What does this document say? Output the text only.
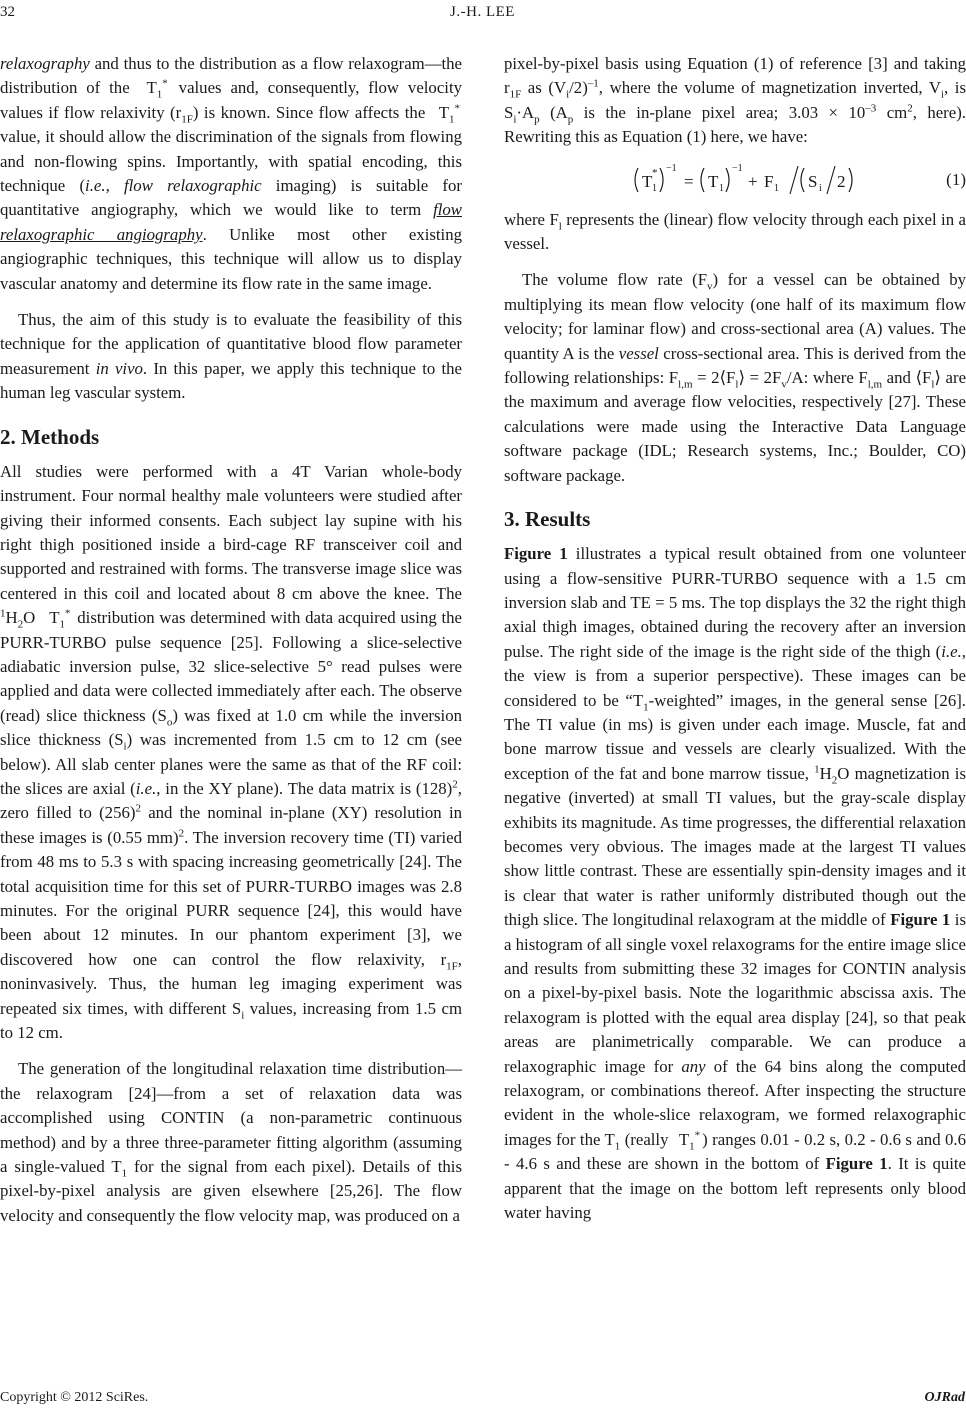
32	J.-H. LEE

relaxography and thus to the distribution as a flow relaxogram—the distribution of the $T_1^*$ values and, consequently, flow velocity values if flow relaxivity $(r_{1F})$ is known. Since flow affects the $T_1^*$ value, it should allow the discrimination of the signals from flowing and non-flowing spins. Importantly, with spatial encoding, this technique (i.e., flow relaxographic imaging) is suitable for quantitative angiography, which we would like to term flow relaxographic angiography. Unlike most other existing angiographic techniques, this technique will allow us to display vascular anatomy and determine its flow rate in the same image.

Thus, the aim of this study is to evaluate the feasibility of this technique for the application of quantitative blood flow parameter measurement in vivo. In this paper, we apply this technique to the human leg vascular system.

2. Methods

All studies were performed with a 4T Varian whole-body instrument. Four normal healthy male volunteers were studied after giving their informed consents. Each subject lay supine with his right thigh positioned inside a bird-cage RF transceiver coil and supported and restrained with forms. The transverse image slice was centered in this coil and located about 8 cm above the knee. The $^1H_2O$ $T_1^*$ distribution was determined with data acquired using the PURR-TURBO pulse sequence [25]. Following a slice-selective adiabatic inversion pulse, 32 slice-selective 5° read pulses were applied and data were collected immediately after each. The observe (read) slice thickness $(S_o)$ was fixed at 1.0 cm while the inversion slice thickness $(S_i)$ was incremented from 1.5 cm to 12 cm (see below). All slab center planes were the same as that of the RF coil: the slices are axial (i.e., in the XY plane). The data matrix is $(128)^2$, zero filled to $(256)^2$ and the nominal in-plane (XY) resolution in these images is (0.55 mm)$^2$. The inversion recovery time (TI) varied from 48 ms to 5.3 s with spacing increasing geometrically [24]. The total acquisition time for this set of PURR-TURBO images was 2.8 minutes. For the original PURR sequence [24], this would have been about 12 minutes. In our phantom experiment [3], we discovered how one can control the flow relaxivity, $r_{1F}$, noninvasively. Thus, the human leg imaging experiment was repeated six times, with different $S_i$ values, increasing from 1.5 cm to 12 cm.

The generation of the longitudinal relaxation time distribution—the relaxogram [24]—from a set of relaxation data was accomplished using CONTIN (a non-parametric continuous method) and by a three three-parameter fitting algorithm (assuming a single-valued $T_1$ for the signal from each pixel). Details of this pixel-by-pixel analysis are given elsewhere [25,26]. The flow velocity and consequently the flow velocity map, was produced on a

pixel-by-pixel basis using Equation (1) of reference [3] and taking $r_{1F}$ as $(V_i/2)^{-1}$, where the volume of magnetization inverted, $V_i$, is $S_i\cdot A_p$ ($A_p$ is the in-plane pixel area; $3.03 \times 10^{-3}$ $cm^2$, here). Rewriting this as Equation (1) here, we have:

T 1
* −1
= T 1
−1
+ F 1 S i 2	(1)

where $F_l$ represents the (linear) flow velocity through each pixel in a vessel.

The volume flow rate $(F_v)$ for a vessel can be obtained by multiplying its mean flow velocity (one half of its maximum flow velocity; for laminar flow) and cross-sectional area (A) values. The quantity A is the vessel cross-sectional area. This is derived from the following relationships: $F_{l,m}$ = $2⟨F_l⟩ = 2F_v/A$: where $F_{l,m}$ and $⟨F_l⟩$ are the maximum and average flow velocities, respectively [27]. These calculations were made using the Interactive Data Language software package (IDL; Research systems, Inc.; Boulder, CO) software package.

3. Results

Figure 1 illustrates a typical result obtained from one volunteer using a flow-sensitive PURR-TURBO sequence with a 1.5 cm inversion slab and TE = 5 ms. The top displays the 32 the right thigh axial thigh images, obtained during the recovery after an inversion pulse. The right side of the image is the right side of the thigh (i.e., the view is from a superior perspective). These images can be considered to be “$T_1$-weighted” images, in the general sense [26]. The TI value (in ms) is given under each image. Muscle, fat and bone marrow tissue and vessels are clearly visualized. With the exception of the fat and bone marrow tissue, $^1H_2O$ magnetization is negative (inverted) at small TI values, but the gray-scale display exhibits its magnitude. As time progresses, the differential relaxation becomes very obvious. The images made at the largest TI values show little contrast. These are essentially spin-density images and it is clear that water is rather uniformly distributed though out the thigh slice. The longitudinal relaxogram at the middle of Figure 1 is a histogram of all single voxel relaxograms for the entire image slice and results from submitting these 32 images for CONTIN analysis on a pixel-by-pixel basis. Note the logarithmic abscissa axis. The relaxogram is plotted with the equal area display [24], so that peak areas are planimetrically comparable. We can produce a relaxographic image for any of the 64 bins along the computed relaxogram, or combinations thereof. After inspecting the structure evident in the whole-slice relaxogram, we formed relaxographic images for the $T_1$ (really $T_1^*$ ) ranges 0.01 - 0.2 s, 0.2 - 0.6 s and 0.6 - 4.6 s and these are shown in the bottom of Figure 1. It is quite apparent that the image on the bottom left represents only blood water having

Copyright © 2012 SciRes.	OJRad
